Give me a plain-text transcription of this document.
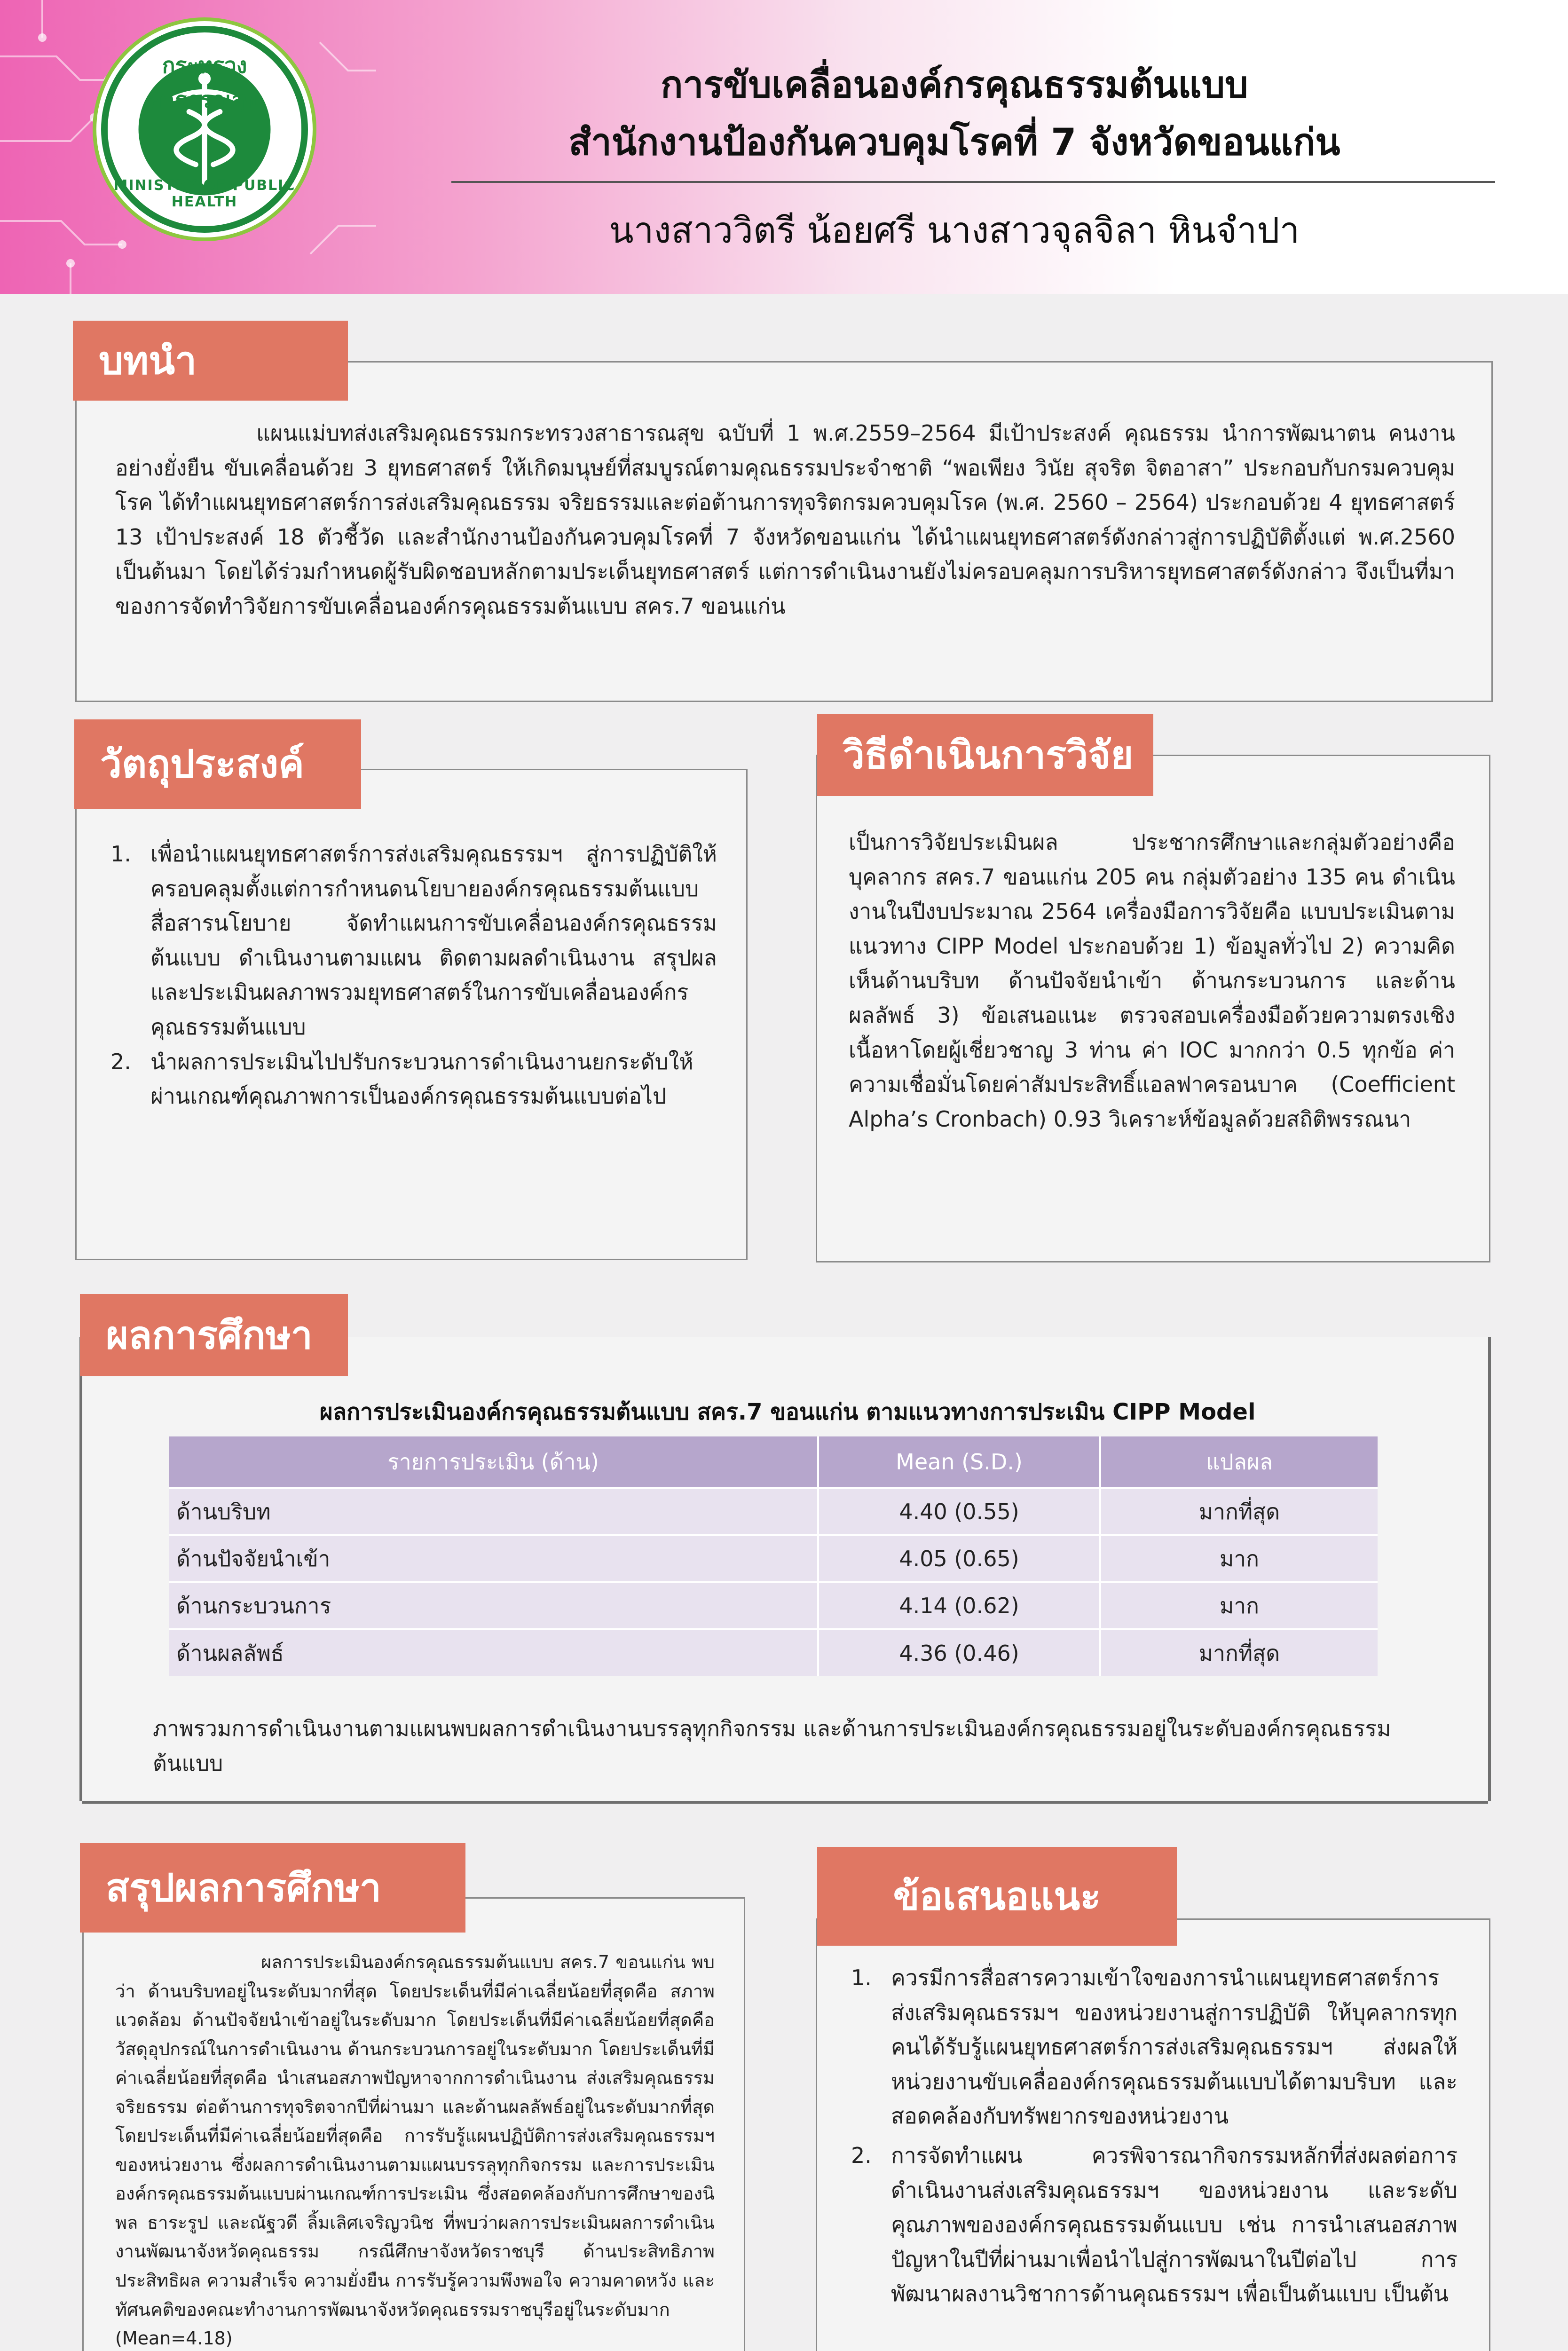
กระทรวงสาธารณสุข
MINISTRY OF PUBLIC HEALTH
การขับเคลื่อนองค์กรคุณธรรมต้นแบบ
สำนักงานป้องกันควบคุมโรคที่ 7 จังหวัดขอนแก่น
นางสาววิตรี น้อยศรี นางสาวจุลจิลา หินจำปา
บทนำ
แผนแม่บทส่งเสริมคุณธรรมกระทรวงสาธารณสุข ฉบับที่ 1 พ.ศ.2559–2564 มีเป้าประสงค์ คุณธรรม นำการพัฒนาตน คนงาน อย่างยั่งยืน ขับเคลื่อนด้วย 3 ยุทธศาสตร์ ให้เกิดมนุษย์ที่สมบูรณ์ตามคุณธรรมประจำชาติ “พอเพียง วินัย สุจริต จิตอาสา” ประกอบกับกรมควบคุมโรค ได้ทำแผนยุทธศาสตร์การส่งเสริมคุณธรรม จริยธรรมและต่อต้านการทุจริตกรมควบคุมโรค (พ.ศ. 2560 – 2564) ประกอบด้วย 4 ยุทธศาสตร์ 13 เป้าประสงค์ 18 ตัวชี้วัด และสำนักงานป้องกันควบคุมโรคที่ 7 จังหวัดขอนแก่น ได้นำแผนยุทธศาสตร์ดังกล่าวสู่การปฏิบัติตั้งแต่ พ.ศ.2560 เป็นต้นมา โดยได้ร่วมกำหนดผู้รับผิดชอบหลักตามประเด็นยุทธศาสตร์ แต่การดำเนินงานยังไม่ครอบคลุมการบริหารยุทธศาสตร์ดังกล่าว จึงเป็นที่มาของการจัดทำวิจัยการขับเคลื่อนองค์กรคุณธรรมต้นแบบ สคร.7 ขอนแก่น
วัตถุประสงค์
1. เพื่อนำแผนยุทธศาสตร์การส่งเสริมคุณธรรมฯ สู่การปฏิบัติให้ครอบคลุมตั้งแต่การกำหนดนโยบายองค์กรคุณธรรมต้นแบบ สื่อสารนโยบาย จัดทำแผนการขับเคลื่อนองค์กรคุณธรรมต้นแบบ ดำเนินงานตามแผน ติดตามผลดำเนินงาน สรุปผล และประเมินผลภาพรวมยุทธศาสตร์ในการขับเคลื่อนองค์กรคุณธรรมต้นแบบ
2. นำผลการประเมินไปปรับกระบวนการดำเนินงานยกระดับให้ผ่านเกณฑ์คุณภาพการเป็นองค์กรคุณธรรมต้นแบบต่อไป
วิธีดำเนินการวิจัย
เป็นการวิจัยประเมินผล ประชากรศึกษาและกลุ่มตัวอย่างคือบุคลากร สคร.7 ขอนแก่น 205 คน กลุ่มตัวอย่าง 135 คน ดำเนินงานในปีงบประมาณ 2564 เครื่องมือการวิจัยคือ แบบประเมินตามแนวทาง CIPP Model ประกอบด้วย 1) ข้อมูลทั่วไป 2) ความคิดเห็นด้านบริบท ด้านปัจจัยนำเข้า ด้านกระบวนการ และด้านผลลัพธ์ 3) ข้อเสนอแนะ ตรวจสอบเครื่องมือด้วยความตรงเชิงเนื้อหาโดยผู้เชี่ยวชาญ 3 ท่าน ค่า IOC มากกว่า 0.5 ทุกข้อ ค่าความเชื่อมั่นโดยค่าสัมประสิทธิ์แอลฟาครอนบาค (Coefficient Alpha’s Cronbach) 0.93 วิเคราะห์ข้อมูลด้วยสถิติพรรณนา
ผลการศึกษา
ผลการประเมินองค์กรคุณธรรมต้นแบบ สคร.7 ขอนแก่น ตามแนวทางการประเมิน CIPP Model
รายการประเมิน (ด้าน)	Mean (S.D.)	แปลผล
ด้านบริบท	4.40 (0.55)	มากที่สุด
ด้านปัจจัยนำเข้า	4.05 (0.65)	มาก
ด้านกระบวนการ	4.14 (0.62)	มาก
ด้านผลลัพธ์	4.36 (0.46)	มากที่สุด
ภาพรวมการดำเนินงานตามแผนพบผลการดำเนินงานบรรลุทุกกิจกรรม และด้านการประเมินองค์กรคุณธรรมอยู่ในระดับองค์กรคุณธรรมต้นแบบ
สรุปผลการศึกษา
ผลการประเมินองค์กรคุณธรรมต้นแบบ สคร.7 ขอนแก่น พบว่า ด้านบริบทอยู่ในระดับมากที่สุด โดยประเด็นที่มีค่าเฉลี่ยน้อยที่สุดคือ สภาพแวดล้อม ด้านปัจจัยนำเข้าอยู่ในระดับมาก โดยประเด็นที่มีค่าเฉลี่ยน้อยที่สุดคือ วัสดุอุปกรณ์ในการดำเนินงาน ด้านกระบวนการอยู่ในระดับมาก โดยประเด็นที่มีค่าเฉลี่ยน้อยที่สุดคือ นำเสนอสภาพปัญหาจากการดำเนินงาน ส่งเสริมคุณธรรม จริยธรรม ต่อต้านการทุจริตจากปีที่ผ่านมา และด้านผลลัพธ์อยู่ในระดับมากที่สุด โดยประเด็นที่มีค่าเฉลี่ยน้อยที่สุดคือ การรับรู้แผนปฏิบัติการส่งเสริมคุณธรรมฯ ของหน่วยงาน ซึ่งผลการดำเนินงานตามแผนบรรลุทุกกิจกรรม และการประเมินองค์กรคุณธรรมต้นแบบผ่านเกณฑ์การประเมิน ซึ่งสอดคล้องกับการศึกษาของนิพล ธาระรูป และณัฐวดี ลิ้มเลิศเจริญวนิช ที่พบว่าผลการประเมินผลการดำเนินงานพัฒนาจังหวัดคุณธรรม กรณีศึกษาจังหวัดราชบุรี ด้านประสิทธิภาพ ประสิทธิผล ความสำเร็จ ความยั่งยืน การรับรู้ความพึงพอใจ ความคาดหวัง และทัศนคติของคณะทำงานการพัฒนาจังหวัดคุณธรรมราชบุรีอยู่ในระดับมาก (Mean=4.18)
ข้อเสนอแนะ
1. ควรมีการสื่อสารความเข้าใจของการนำแผนยุทธศาสตร์การส่งเสริมคุณธรรมฯ ของหน่วยงานสู่การปฏิบัติ ให้บุคลากรทุกคนได้รับรู้แผนยุทธศาสตร์การส่งเสริมคุณธรรมฯ ส่งผลให้หน่วยงานขับเคลื่อองค์กรคุณธรรมต้นแบบได้ตามบริบท และสอดคล้องกับทรัพยากรของหน่วยงาน
2. การจัดทำแผน ควรพิจารณากิจกรรมหลักที่ส่งผลต่อการดำเนินงานส่งเสริมคุณธรรมฯ ของหน่วยงาน และระดับคุณภาพขององค์กรคุณธรรมต้นแบบ เช่น การนำเสนอสภาพปัญหาในปีที่ผ่านมาเพื่อนำไปสู่การพัฒนาในปีต่อไป การพัฒนาผลงานวิชาการด้านคุณธรรมฯ เพื่อเป็นต้นแบบ เป็นต้น
